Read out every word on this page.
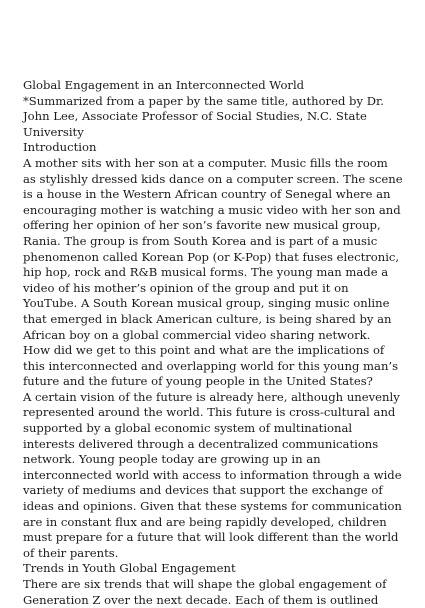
Global Engagement in an Interconnected World
*Summarized from a paper by the same title, authored by Dr.
John Lee, Associate Professor of Social Studies, N.C. State
University
Introduction
A mother sits with her son at a computer. Music fills the room
as stylishly dressed kids dance on a computer screen. The scene
is a house in the Western African country of Senegal where an
encouraging mother is watching a music video with her son and
offering her opinion of her son’s favorite new musical group,
Rania. The group is from South Korea and is part of a music
phenomenon called Korean Pop (or K-Pop) that fuses electronic,
hip hop, rock and R&B musical forms. The young man made a
video of his mother’s opinion of the group and put it on
YouTube. A South Korean musical group, singing music online
that emerged in black American culture, is being shared by an
African boy on a global commercial video sharing network.
How did we get to this point and what are the implications of
this interconnected and overlapping world for this young man’s
future and the future of young people in the United States?
A certain vision of the future is already here, although unevenly
represented around the world. This future is cross-cultural and
supported by a global economic system of multinational
interests delivered through a decentralized communications
network. Young people today are growing up in an
interconnected world with access to information through a wide
variety of mediums and devices that support the exchange of
ideas and opinions. Given that these systems for communication
are in constant flux and are being rapidly developed, children
must prepare for a future that will look different than the world
of their parents.
Trends in Youth Global Engagement
There are six trends that will shape the global engagement of
Generation Z over the next decade. Each of them is outlined
